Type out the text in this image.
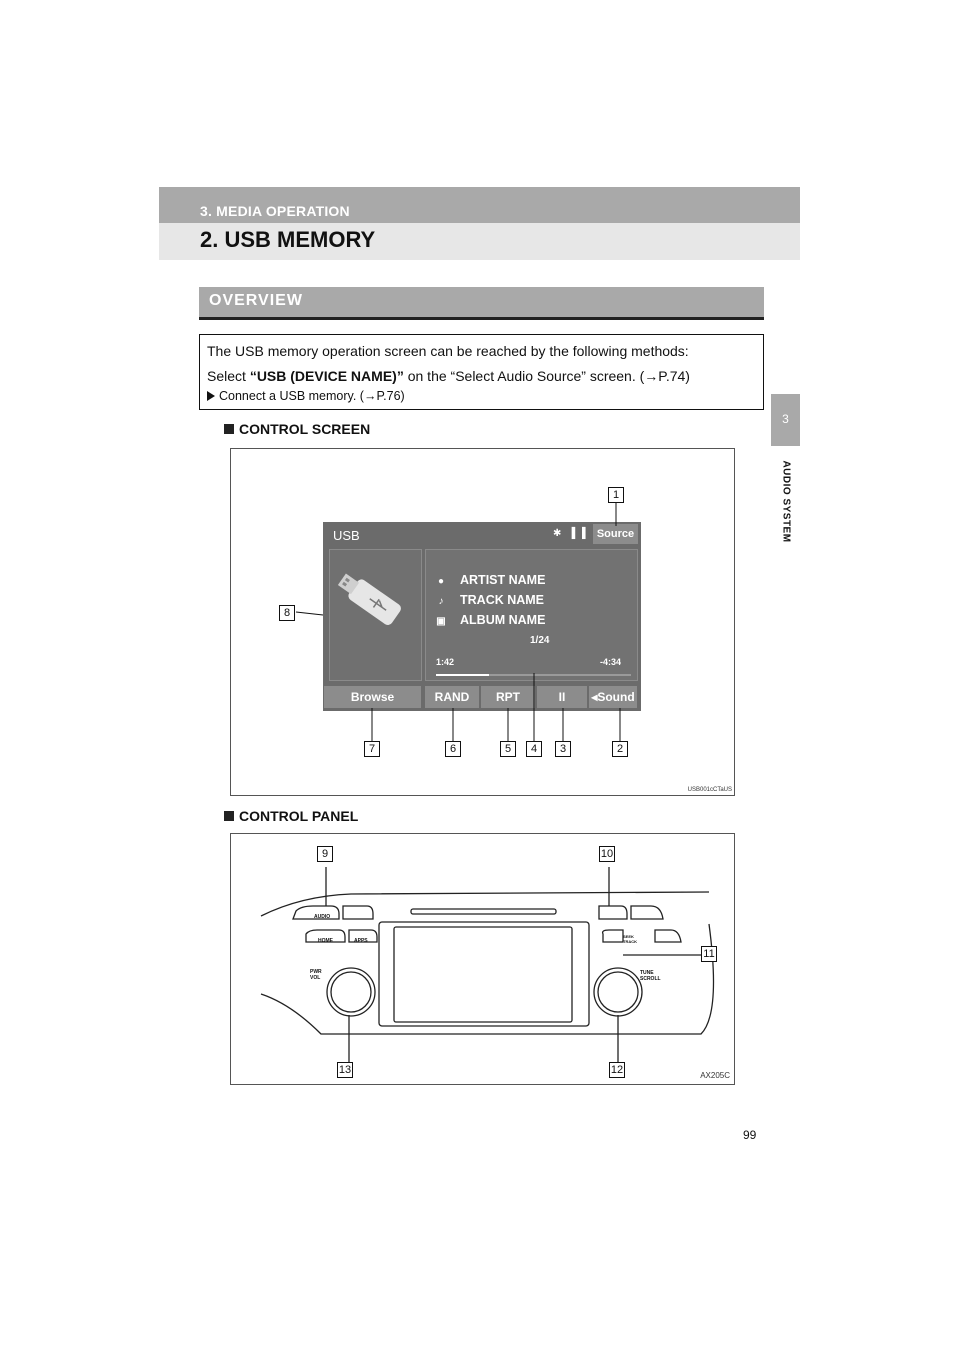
3. MEDIA OPERATION
2. USB MEMORY
3
AUDIO SYSTEM
OVERVIEW
The USB memory operation screen can be reached by the following methods:
Select “USB (DEVICE NAME)” on the “Select Audio Source” screen. (→P.74)
Connect a USB memory. (→P.76)
CONTROL SCREEN
USB001cCTaUS
USB	✱ ▐ ▌ Source
● ARTIST NAME
♪ TRACK NAME
▣ ALBUM NAME
1/24
1:42	-4:34
Browse	RAND	RPT	II	◂Sound
1
2
3
4
5
6
7
8
CONTROL PANEL
AUDIO
HOME	APPS
PWR VOL
SEEK TRACK
TUNE SCROLL
AX205C
9	10
11
12
13
99
